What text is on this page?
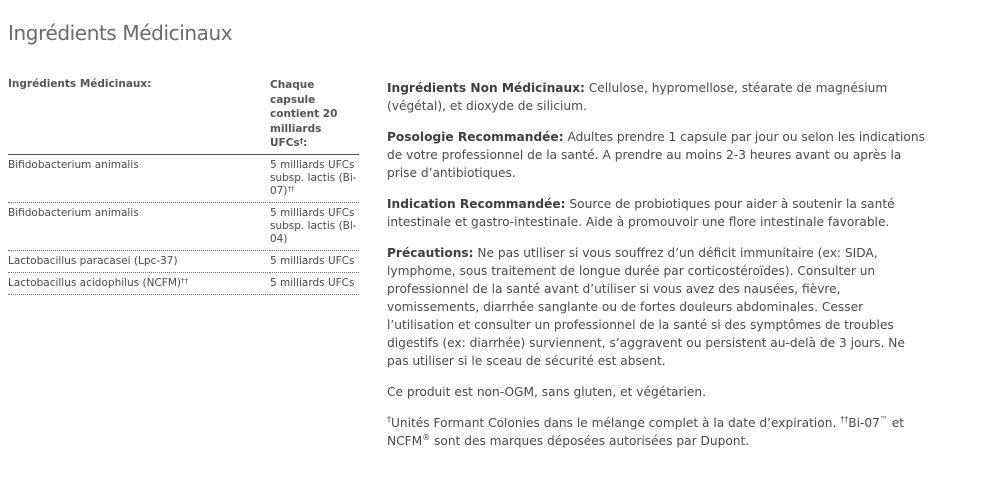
Ingrédients Médicinaux
Ingrédients Médicinaux:	Chaque capsule contient 20 milliards UFCs†:
Bifidobacterium animalis	5 milliards UFCs subsp. lactis (Bi-07)††
Bifidobacterium animalis	5 milliards UFCs subsp. lactis (Bl-04)
Lactobacillus paracasei (Lpc-37)	5 milliards UFCs
Lactobacillus acidophilus (NCFM)††	5 milliards UFCs

Ingrédients Non Médicinaux: Cellulose, hypromellose, stéarate de magnésium (végétal), et dioxyde de silicium.

Posologie Recommandée: Adultes prendre 1 capsule par jour ou selon les indications de votre professionnel de la santé. A prendre au moins 2-3 heures avant ou après la prise d’antibiotiques.

Indication Recommandée: Source de probiotiques pour aider à soutenir la santé intestinale et gastro-intestinale. Aide à promouvoir une flore intestinale favorable.

Précautions: Ne pas utiliser si vous souffrez d’un déficit immunitaire (ex: SIDA, lymphome, sous traitement de longue durée par corticostéroïdes). Consulter un professionnel de la santé avant d’utiliser si vous avez des nausées, fièvre, vomissements, diarrhée sanglante ou de fortes douleurs abdominales. Cesser l’utilisation et consulter un professionnel de la santé si des symptômes de troubles digestifs (ex: diarrhée) surviennent, s’aggravent ou persistent au-delà de 3 jours. Ne pas utiliser si le sceau de sécurité est absent.

Ce produit est non-OGM, sans gluten, et végétarien.

†Unités Formant Colonies dans le mélange complet à la date d’expiration. ††Bi-07™ et
NCFM® sont des marques déposées autorisées par Dupont.
